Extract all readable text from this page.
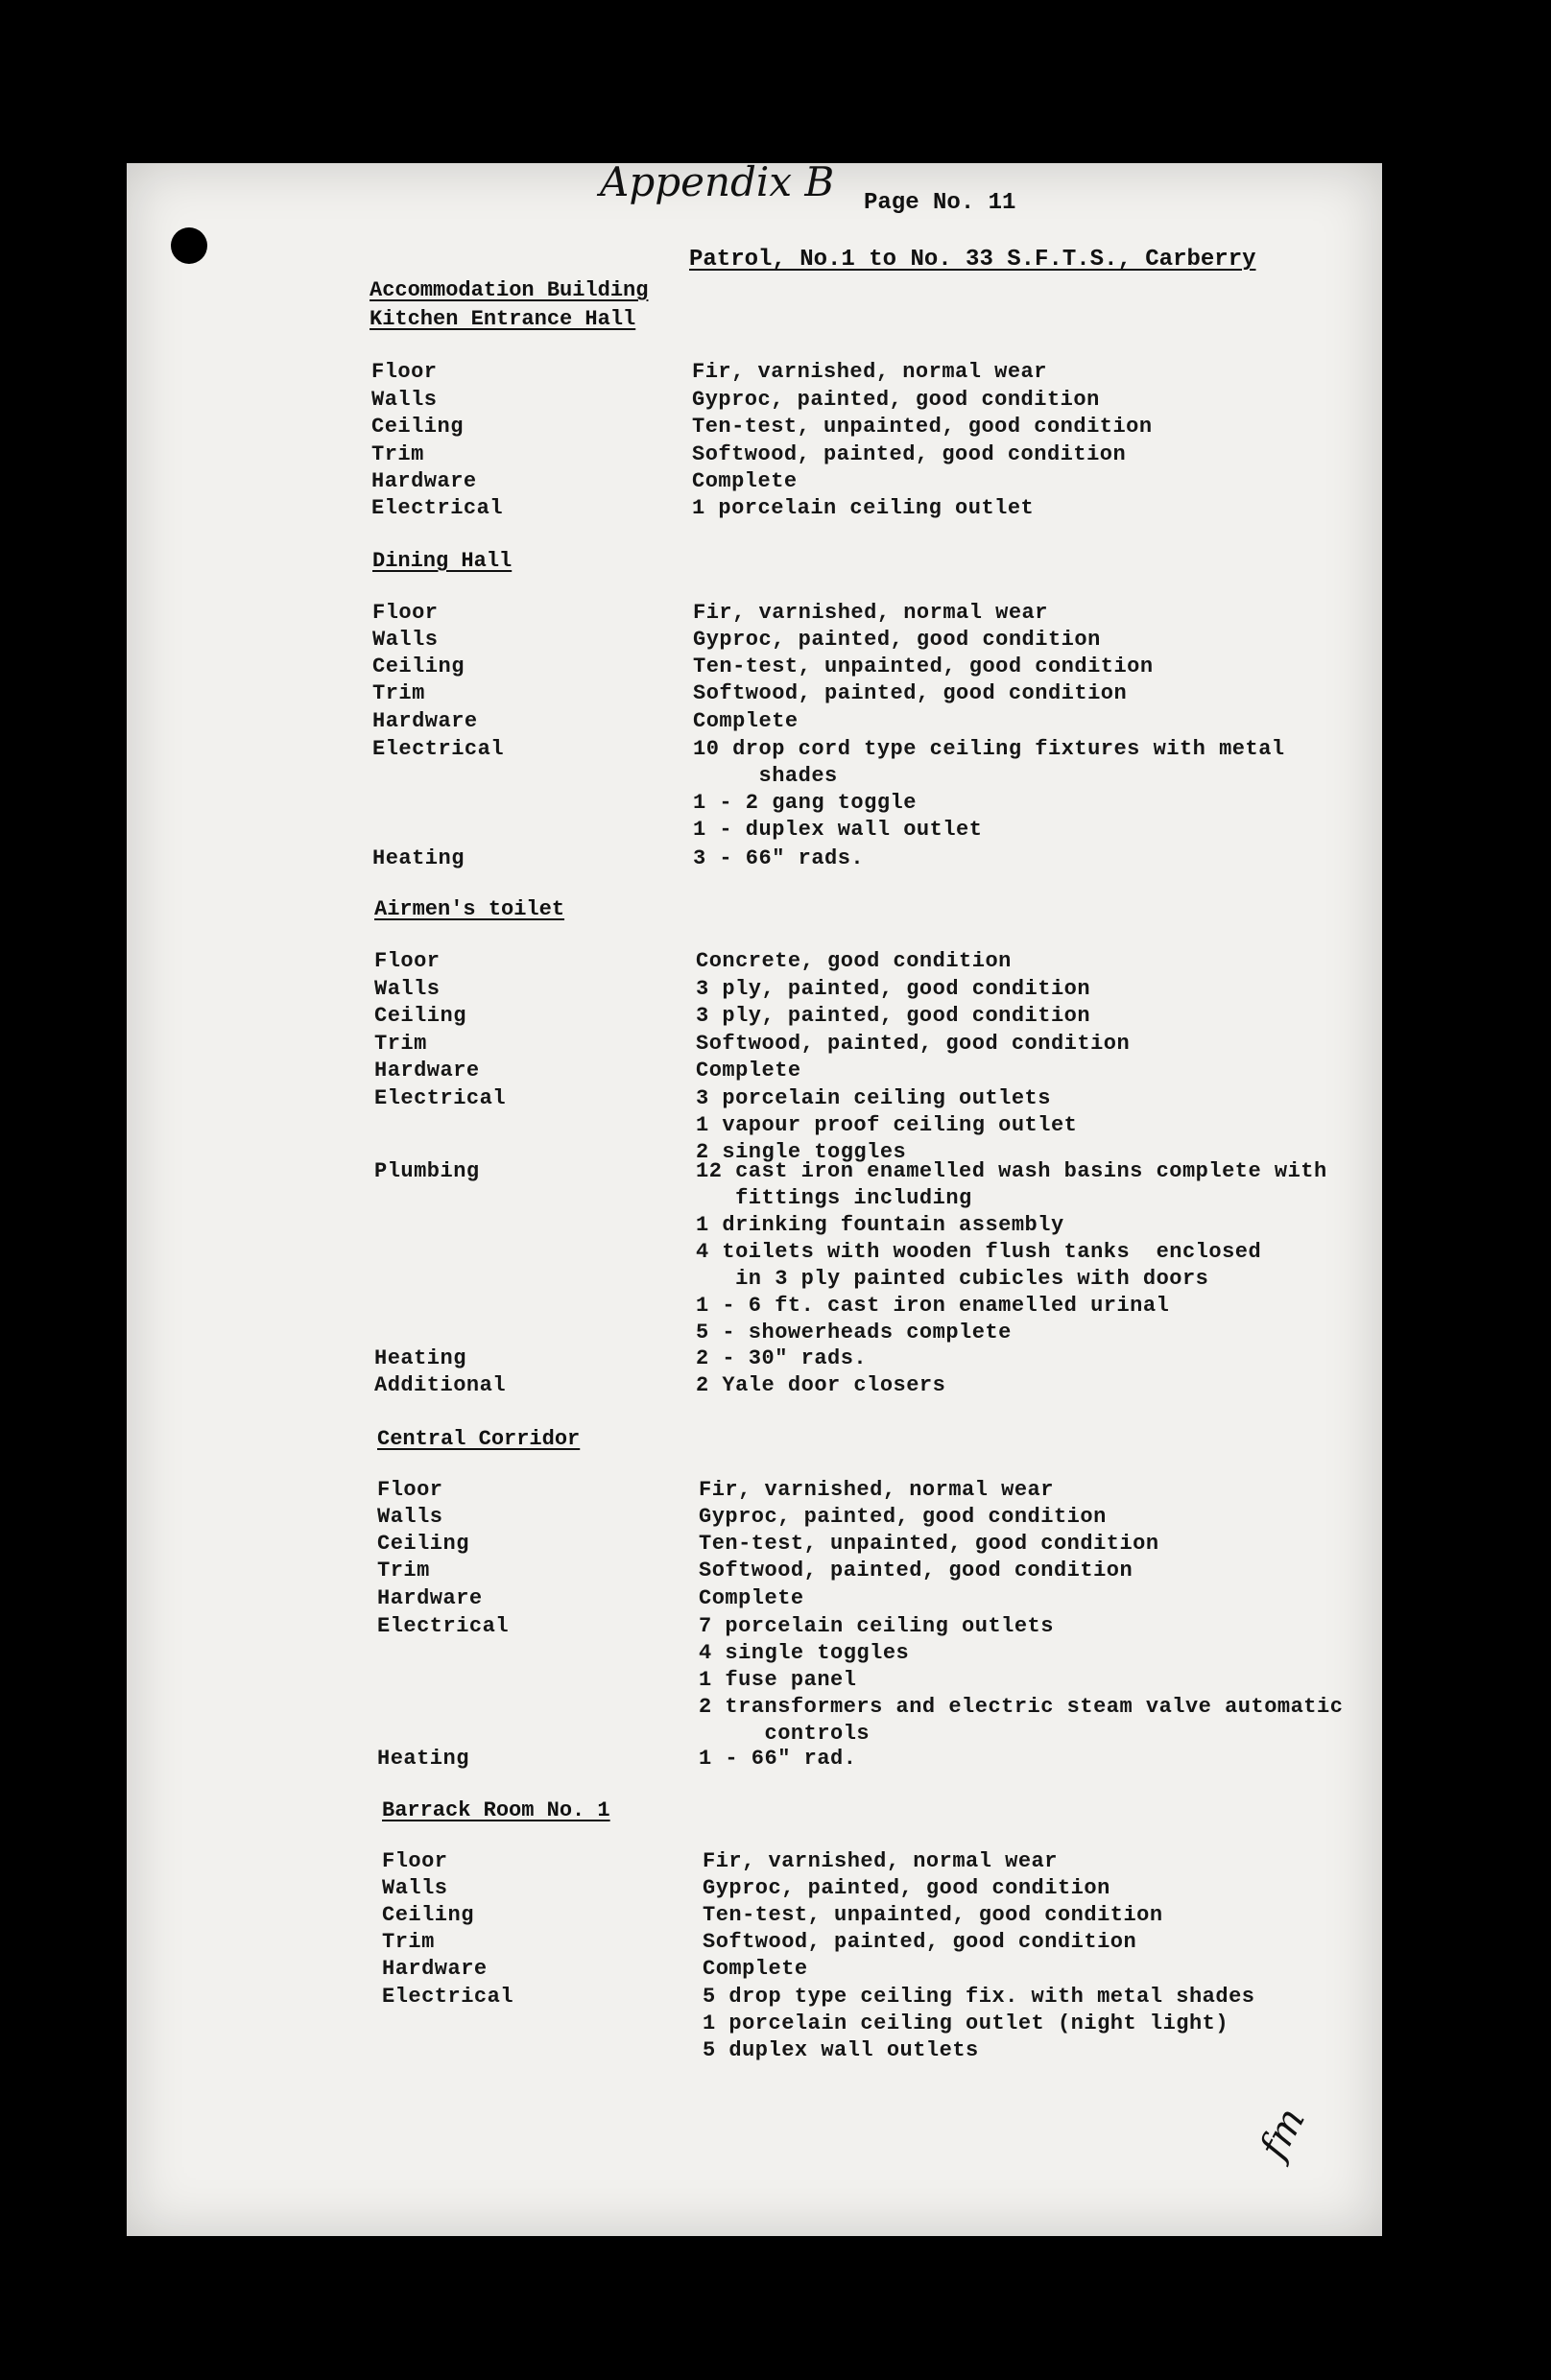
Appendix B Page No. 11
Patrol, No.1 to No. 33 S.F.T.S., Carberry
Accommodation Building
Kitchen Entrance Hall
Floor	Fir, varnished, normal wear
Walls	Gyproc, painted, good condition
Ceiling	Ten-test, unpainted, good condition
Trim	Softwood, painted, good condition
Hardware	Complete
Electrical	1 porcelain ceiling outlet
Dining Hall
Floor	Fir, varnished, normal wear
Walls	Gyproc, painted, good condition
Ceiling	Ten-test, unpainted, good condition
Trim	Softwood, painted, good condition
Hardware	Complete
Electrical	10 drop cord type ceiling fixtures with metal
shades
1 - 2 gang toggle
1 - duplex wall outlet
Heating	3 - 66" rads.
Airmen's toilet
Floor	Concrete, good condition
Walls	3 ply, painted, good condition
Ceiling	3 ply, painted, good condition
Trim	Softwood, painted, good condition
Hardware	Complete
Electrical	3 porcelain ceiling outlets
1 vapour proof ceiling outlet
2 single toggles
Plumbing	12 cast iron enamelled wash basins complete with
fittings including
1 drinking fountain assembly
4 toilets with wooden flush tanks  enclosed
in 3 ply painted cubicles with doors
1 - 6 ft. cast iron enamelled urinal
5 - showerheads complete
Heating	2 - 30" rads.
Additional	2 Yale door closers
Central Corridor
Floor	Fir, varnished, normal wear
Walls	Gyproc, painted, good condition
Ceiling	Ten-test, unpainted, good condition
Trim	Softwood, painted, good condition
Hardware	Complete
Electrical	7 porcelain ceiling outlets
4 single toggles
1 fuse panel
2 transformers and electric steam valve automatic
controls
Heating	1 - 66" rad.
Barrack Room No. 1
Floor	Fir, varnished, normal wear
Walls	Gyproc, painted, good condition
Ceiling	Ten-test, unpainted, good condition
Trim	Softwood, painted, good condition
Hardware	Complete
Electrical	5 drop type ceiling fix. with metal shades
1 porcelain ceiling outlet (night light)
5 duplex wall outlets
fm
